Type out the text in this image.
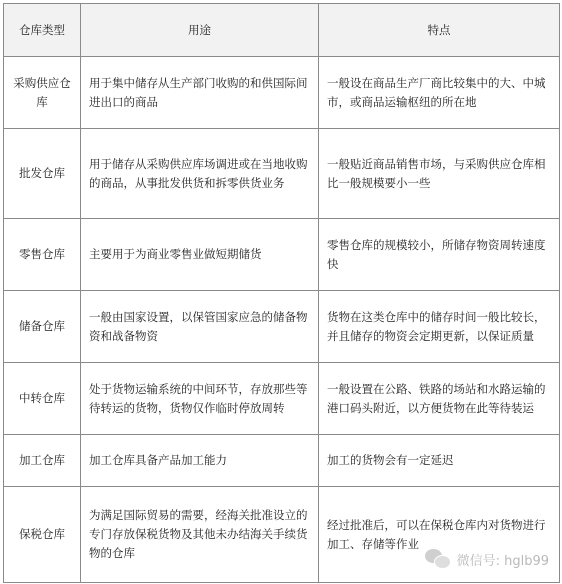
仓库类型	用途	特点
采购供应仓库	用于集中储存从生产部门收购的和供国际间进出口的商品	一般设在商品生产厂商比较集中的大、中城市，或商品运输枢纽的所在地
批发仓库	用于储存从采购供应库场调进或在当地收购的商品，从事批发供货和拆零供货业务	一般贴近商品销售市场，与采购供应仓库相比一般规模要小一些
零售仓库	主要用于为商业零售业做短期储货	零售仓库的规模较小，所储存物资周转速度快
储备仓库	一般由国家设置，以保管国家应急的储备物资和战备物资	货物在这类仓库中的储存时间一般比较长，并且储存的物资会定期更新，以保证质量
中转仓库	处于货物运输系统的中间环节，存放那些等待转运的货物，货物仅作临时停放周转	一般设置在公路、铁路的场站和水路运输的港口码头附近，以方便货物在此等待装运
加工仓库	加工仓库具备产品加工能力	加工的货物会有一定延迟
保税仓库	为满足国际贸易的需要，经海关批准设立的专门存放保税货物及其他未办结海关手续货物的仓库	经过批准后，可以在保税仓库内对货物进行加工、存储等作业
微信号: hglb99
